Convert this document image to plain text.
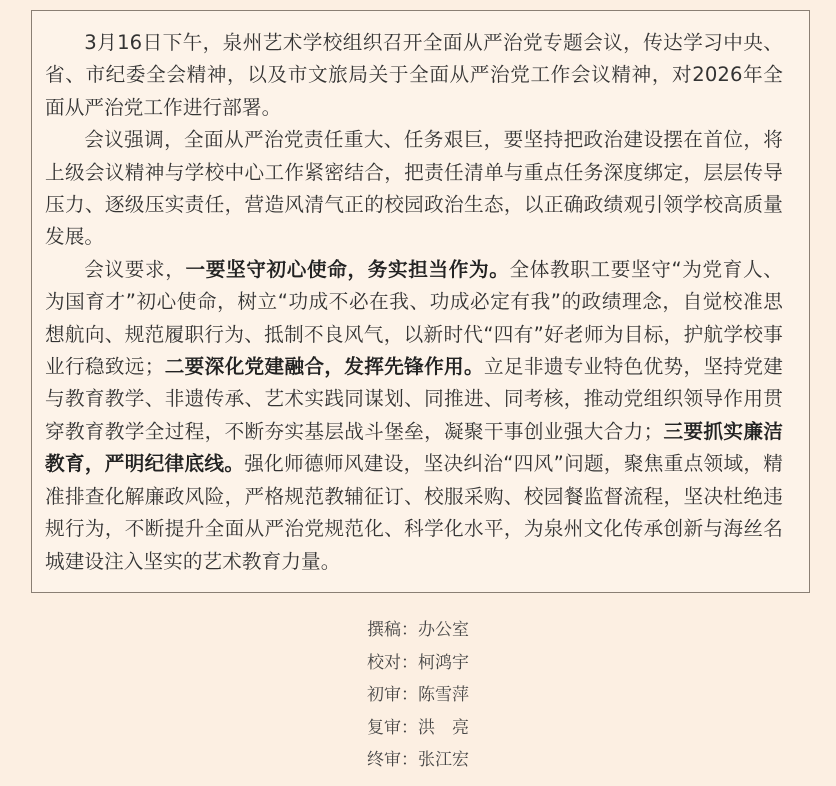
3月16日下午，泉州艺术学校组织召开全面从严治党专题会议，传达学习中央、省、市纪委全会精神，以及市文旅局关于全面从严治党工作会议精神，对2026年全面从严治党工作进行部署。

会议强调，全面从严治党责任重大、任务艰巨，要坚持把政治建设摆在首位，将上级会议精神与学校中心工作紧密结合，把责任清单与重点任务深度绑定，层层传导压力、逐级压实责任，营造风清气正的校园政治生态，以正确政绩观引领学校高质量发展。

会议要求，一要坚守初心使命，务实担当作为。全体教职工要坚守“为党育人、为国育才”初心使命，树立“功成不必在我、功成必定有我”的政绩理念，自觉校准思想航向、规范履职行为、抵制不良风气，以新时代“四有”好老师为目标，护航学校事业行稳致远；二要深化党建融合，发挥先锋作用。立足非遗专业特色优势，坚持党建与教育教学、非遗传承、艺术实践同谋划、同推进、同考核，推动党组织领导作用贯穿教育教学全过程，不断夯实基层战斗堡垒，凝聚干事创业强大合力；三要抓实廉洁教育，严明纪律底线。强化师德师风建设，坚决纠治“四风”问题，聚焦重点领域，精准排查化解廉政风险，严格规范教辅征订、校服采购、校园餐监督流程，坚决杜绝违规行为，不断提升全面从严治党规范化、科学化水平，为泉州文化传承创新与海丝名城建设注入坚实的艺术教育力量。

撰稿：办公室
校对：柯鸿宇
初审：陈雪萍
复审：洪　亮
终审：张江宏
